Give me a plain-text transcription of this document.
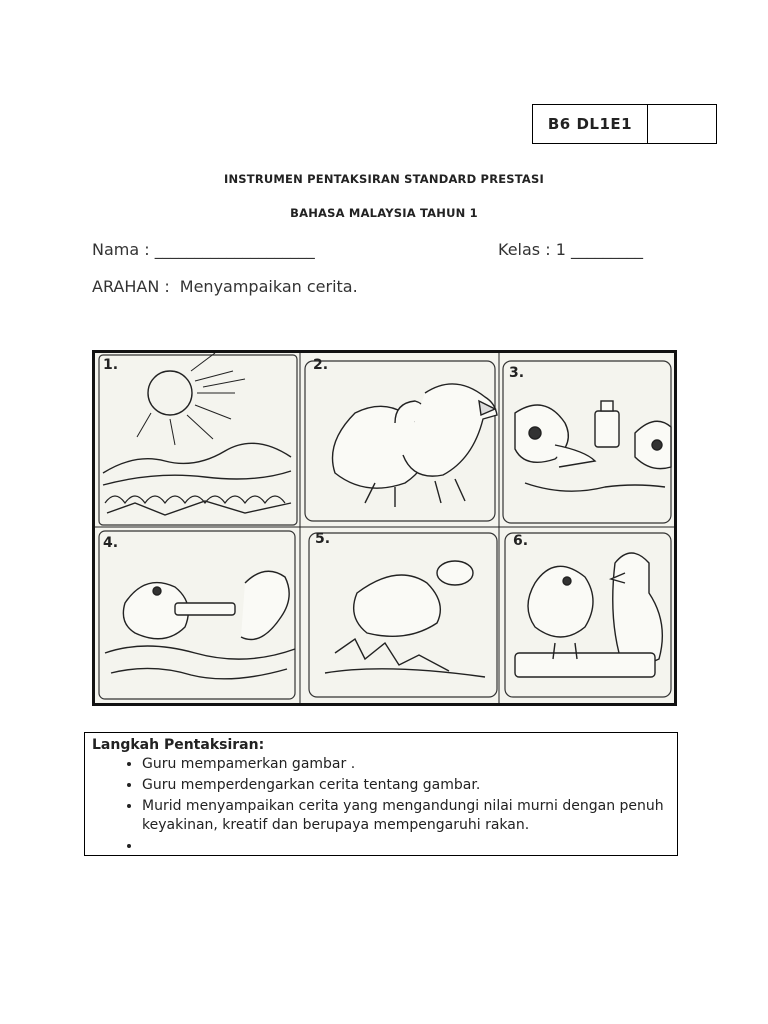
B6 DL1E1
INSTRUMEN PENTAKSIRAN STANDARD PRESTASI
BAHASA MALAYSIA TAHUN 1
Nama : ____________________	Kelas : 1 _________
ARAHAN : Menyampaikan cerita.
1.	2.	3.
4.	5.	6.
Langkah Pentaksiran:
• Guru mempamerkan gambar .
• Guru memperdengarkan cerita tentang gambar.
• Murid menyampaikan cerita yang mengandungi nilai murni dengan penuh keyakinan, kreatif dan berupaya mempengaruhi rakan.
•
